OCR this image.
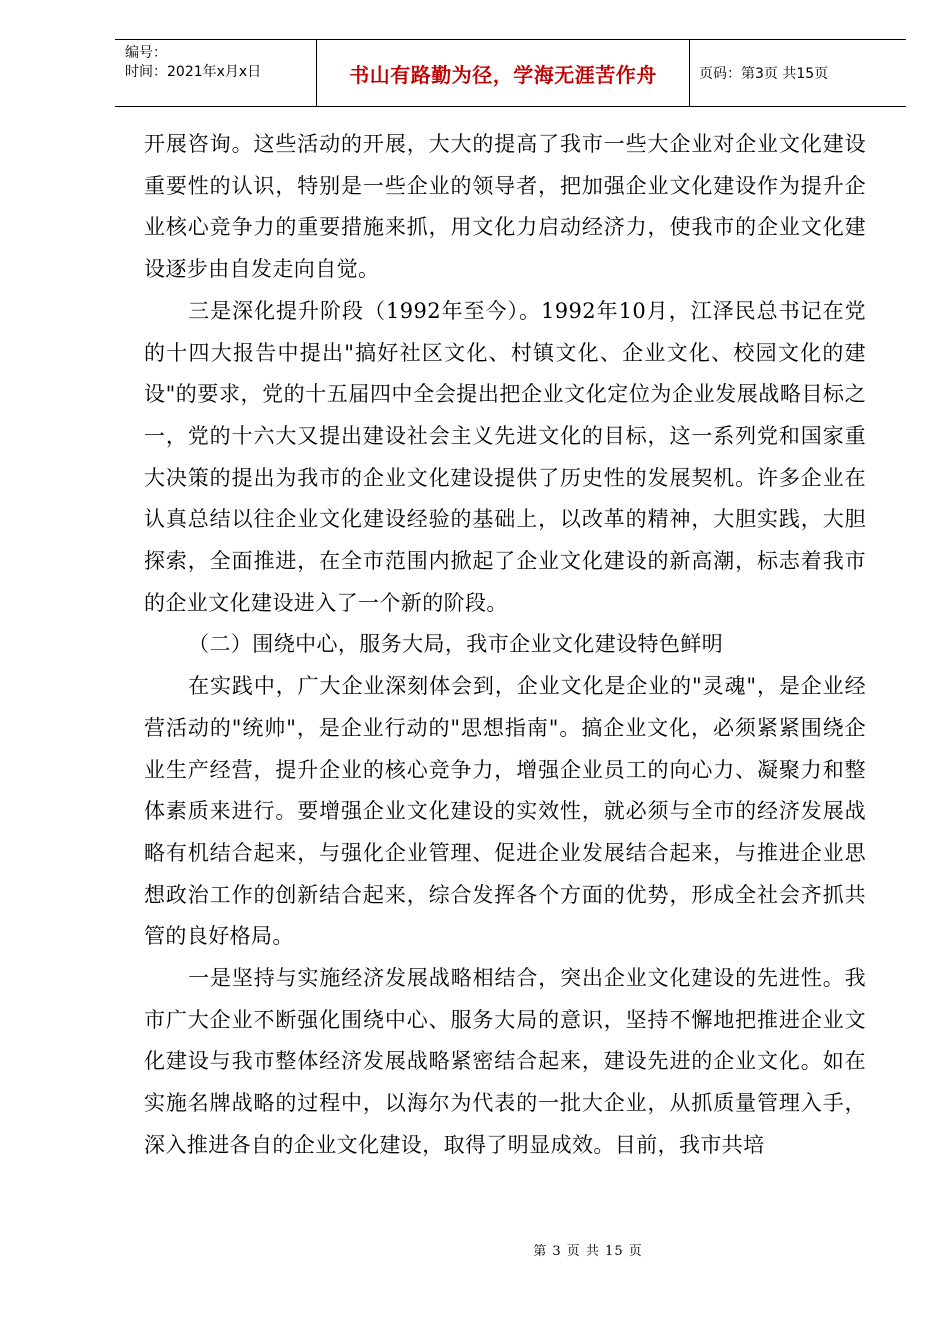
编号：
时间：2021年x月x日	书山有路勤为径，学海无涯苦作舟	页码：第3页 共15页

开展咨询。这些活动的开展，大大的提高了我市一些大企业对企业文化建设重要性的认识，特别是一些企业的领导者，把加强企业文化建设作为提升企业核心竞争力的重要措施来抓，用文化力启动经济力，使我市的企业文化建设逐步由自发走向自觉。

三是深化提升阶段（1992年至今）。1992年10月，江泽民总书记在党的十四大报告中提出"搞好社区文化、村镇文化、企业文化、校园文化的建设"的要求，党的十五届四中全会提出把企业文化定位为企业发展战略目标之一，党的十六大又提出建设社会主义先进文化的目标，这一系列党和国家重大决策的提出为我市的企业文化建设提供了历史性的发展契机。许多企业在认真总结以往企业文化建设经验的基础上，以改革的精神，大胆实践，大胆探索，全面推进，在全市范围内掀起了企业文化建设的新高潮，标志着我市的企业文化建设进入了一个新的阶段。

（二）围绕中心，服务大局，我市企业文化建设特色鲜明

在实践中，广大企业深刻体会到，企业文化是企业的"灵魂"，是企业经营活动的"统帅"，是企业行动的"思想指南"。搞企业文化，必须紧紧围绕企业生产经营，提升企业的核心竞争力，增强企业员工的向心力、凝聚力和整体素质来进行。要增强企业文化建设的实效性，就必须与全市的经济发展战略有机结合起来，与强化企业管理、促进企业发展结合起来，与推进企业思想政治工作的创新结合起来，综合发挥各个方面的优势，形成全社会齐抓共管的良好格局。

一是坚持与实施经济发展战略相结合，突出企业文化建设的先进性。我市广大企业不断强化围绕中心、服务大局的意识，坚持不懈地把推进企业文化建设与我市整体经济发展战略紧密结合起来，建设先进的企业文化。如在实施名牌战略的过程中，以海尔为代表的一批大企业，从抓质量管理入手，深入推进各自的企业文化建设，取得了明显成效。目前，我市共培

第 3 页 共 15 页
